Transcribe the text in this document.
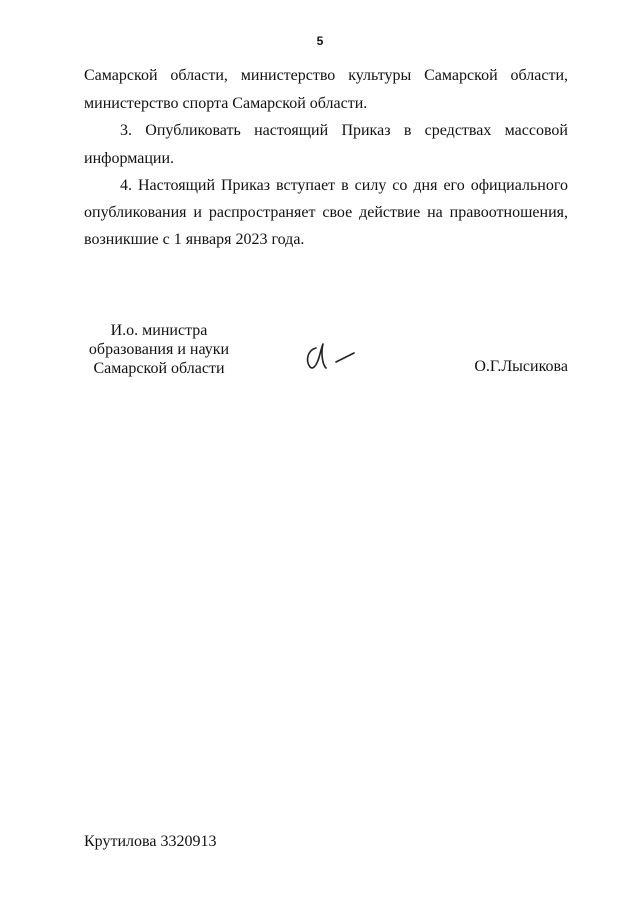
5
Самарской области, министерство культуры Самарской области,
министерство спорта Самарской области.
3. Опубликовать настоящий Приказ в средствах массовой
информации.
4. Настоящий Приказ вступает в силу со дня его официального
опубликования и распространяет свое действие на правоотношения,
возникшие с 1 января 2023 года.
И.о. министра
образования и науки
Самарской области	О.Г.Лысикова
Крутилова 3320913
